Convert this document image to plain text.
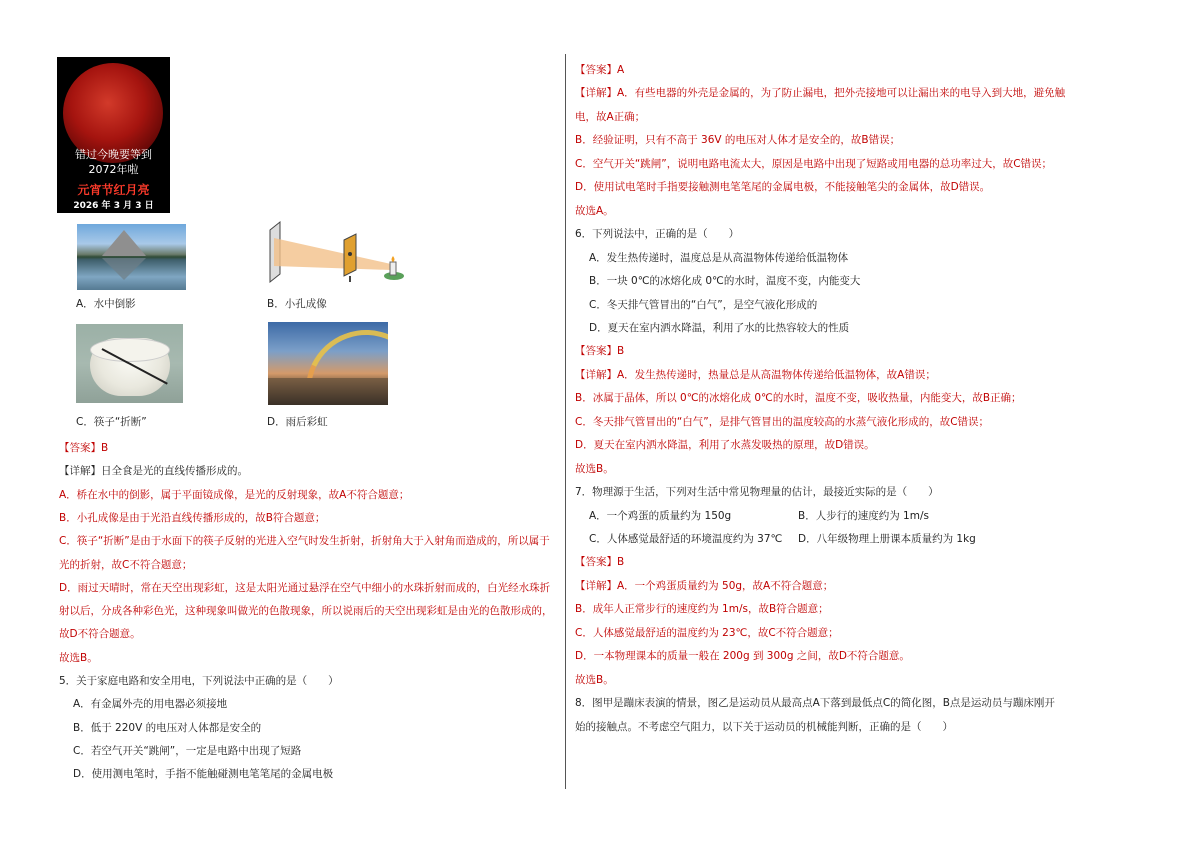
错过今晚要等到
2072年啦
元宵节红月亮
2026 年 3 月 3 日
A．水中倒影	B．小孔成像
C．筷子“折断”	D．雨后彩虹
【答案】B
【详解】日全食是光的直线传播形成的。
A．桥在水中的倒影，属于平面镜成像，是光的反射现象，故A不符合题意；
B．小孔成像是由于光沿直线传播形成的，故B符合题意；
C．筷子“折断”是由于水面下的筷子反射的光进入空气时发生折射，折射角大于入射角而造成的，所以属于
光的折射，故C不符合题意；
D．雨过天晴时，常在天空出现彩虹，这是太阳光通过悬浮在空气中细小的水珠折射而成的，白光经水珠折
射以后，分成各种彩色光，这种现象叫做光的色散现象，所以说雨后的天空出现彩虹是由光的色散形成的，
故D不符合题意。
故选B。
5．关于家庭电路和安全用电，下列说法中正确的是（　　）
A．有金属外壳的用电器必须接地
B．低于 220V 的电压对人体都是安全的
C．若空气开关“跳闸”，一定是电路中出现了短路
D．使用测电笔时，手指不能触碰测电笔笔尾的金属电极
【答案】A
【详解】A．有些电器的外壳是金属的，为了防止漏电，把外壳接地可以让漏出来的电导入到大地，避免触
电，故A正确；
B．经验证明，只有不高于 36V 的电压对人体才是安全的，故B错误；
C．空气开关“跳闸”，说明电路电流太大，原因是电路中出现了短路或用电器的总功率过大，故C错误；
D．使用试电笔时手指要接触测电笔笔尾的金属电极，不能接触笔尖的金属体，故D错误。
故选A。
6．下列说法中，正确的是（　　）
A．发生热传递时，温度总是从高温物体传递给低温物体
B．一块 0℃的冰熔化成 0℃的水时，温度不变，内能变大
C．冬天排气管冒出的“白气”，是空气液化形成的
D．夏天在室内洒水降温，利用了水的比热容较大的性质
【答案】B
【详解】A．发生热传递时，热量总是从高温物体传递给低温物体，故A错误；
B．冰属于晶体，所以 0℃的冰熔化成 0℃的水时，温度不变，吸收热量，内能变大，故B正确；
C．冬天排气管冒出的“白气”，是排气管冒出的温度较高的水蒸气液化形成的，故C错误；
D．夏天在室内洒水降温，利用了水蒸发吸热的原理，故D错误。
故选B。
7．物理源于生活，下列对生活中常见物理量的估计，最接近实际的是（　　）
A．一个鸡蛋的质量约为 150g	B．人步行的速度约为 1m/s
C．人体感觉最舒适的环境温度约为 37℃ D．八年级物理上册课本质量约为 1kg
【答案】B
【详解】A．一个鸡蛋质量约为 50g，故A不符合题意；
B．成年人正常步行的速度约为 1m/s，故B符合题意；
C．人体感觉最舒适的温度约为 23℃，故C不符合题意；
D．一本物理课本的质量一般在 200g 到 300g 之间，故D不符合题意。
故选B。
8．图甲是蹦床表演的情景，图乙是运动员从最高点A下落到最低点C的简化图，B点是运动员与蹦床刚开
始的接触点。不考虑空气阻力，以下关于运动员的机械能判断，正确的是（　　）
